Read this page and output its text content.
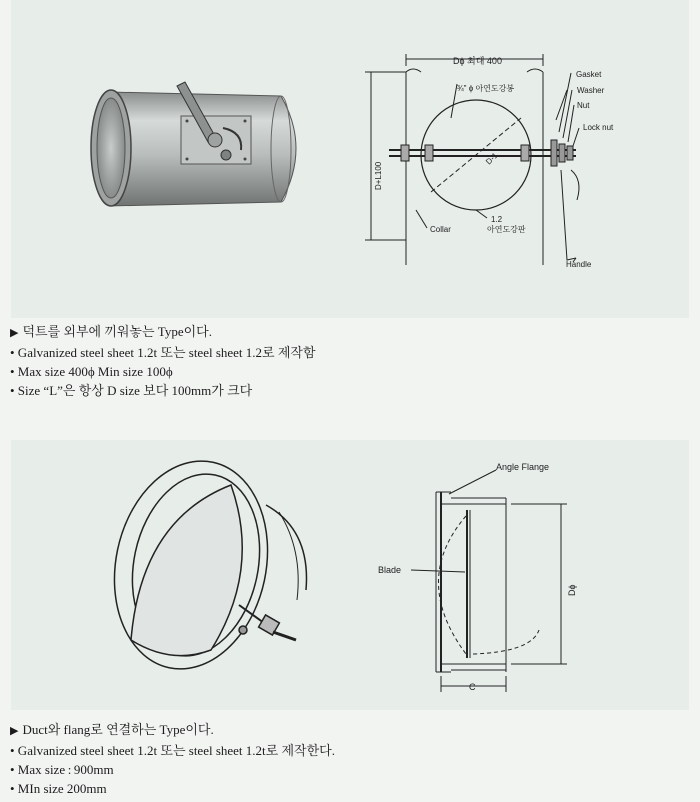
Dϕ 최대 400
¾" ϕ 아연도강봉
Gasket
Washer
Nut
Lock nut
D+L100
D-1
Collar
1.2
아연도강판
Handle
▶ 덕트를 외부에 끼워놓는 Type이다.
• Galvanized steel sheet 1.2t 또는 steel sheet 1.2로 제작함
• Max size 400ϕ Min size 100ϕ
• Size “L”은 항상 D size 보다 100mm가 크다
Angle Flange
Blade
Dϕ
C
▶ Duct와 flang로 연결하는 Type이다.
• Galvanized steel sheet 1.2t 또는 steel sheet 1.2t로 제작한다.
• Max size : 900mm
• MIn size 200mm
